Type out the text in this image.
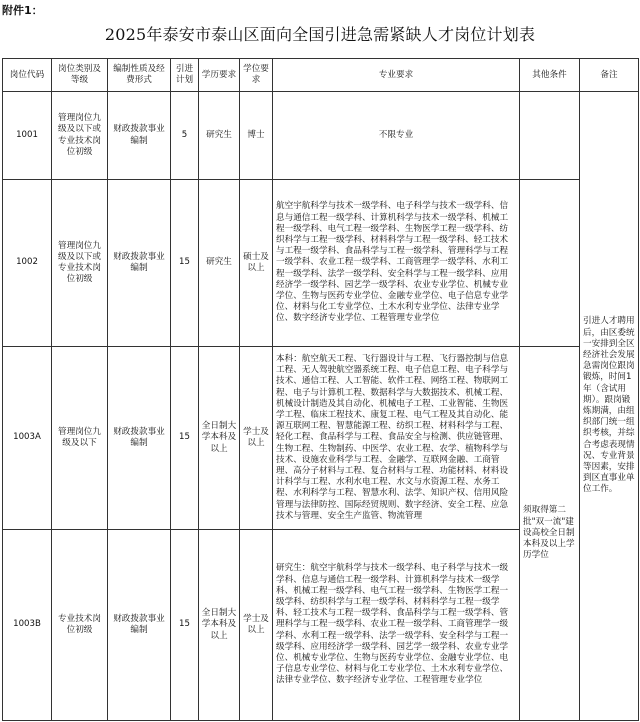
附件1：
2025年泰安市泰山区面向全国引进急需紧缺人才岗位计划表
岗位代码	岗位类别及等级	编制性质及经费形式	引进计划	学历要求	学位要求	专业要求	其他条件	备注
1001	管理岗位九级及以下或专业技术岗位初级	财政拨款事业编制	5	研究生	博士	不限专业		引进人才聘用后，由区委统一安排到全区经济社会发展急需岗位跟岗锻炼，时间1年（含试用期）。跟岗锻炼期满，由组织部门统一组织考核，并综合考虑表现情况、专业背景等因素，安排到区直事业单位工作。
1002	管理岗位九级及以下或专业技术岗位初级	财政拨款事业编制	15	研究生	硕士及以上	航空宇航科学与技术一级学科、电子科学与技术一级学科、信息与通信工程一级学科、计算机科学与技术一级学科、机械工程一级学科、电气工程一级学科、生物医学工程一级学科、纺织科学与工程一级学科、材料科学与工程一级学科、轻工技术与工程一级学科、食品科学与工程一级学科、管理科学与工程一级学科、农业工程一级学科、工商管理学一级学科、水利工程一级学科、法学一级学科、安全科学与工程一级学科、应用经济学一级学科、园艺学一级学科、农业专业学位、机械专业学位、生物与医药专业学位、金融专业学位、电子信息专业学位、材料与化工专业学位、土木水利专业学位、法律专业学位、数字经济专业学位、工程管理专业学位		
1003A	管理岗位九级及以下	财政拨款事业编制	15	全日制大学本科及以上	学士及以上	本科：航空航天工程、飞行器设计与工程、飞行器控制与信息工程、无人驾驶航空器系统工程、电子信息工程、电子科学与技术、通信工程、人工智能、软件工程、网络工程、物联网工程、电子与计算机工程、数据科学与大数据技术、机械工程、机械设计制造及其自动化、机械电子工程、工业智能、生物医学工程、临床工程技术、康复工程、电气工程及其自动化、能源互联网工程、智慧能源工程、纺织工程、材料科学与工程、轻化工程、食品科学与工程、食品安全与检测、供应链管理、生物工程、生物制药、中医学、农业工程、农学、植物科学与技术、设施农业科学与工程、金融学、互联网金融、工商管理、高分子材料与工程、复合材料与工程、功能材料、材料设计科学与工程、水利水电工程、水文与水资源工程、水务工程、水利科学与工程、智慧水利、法学、知识产权、信用风险管理与法律防控、国际经贸规则、数字经济、安全工程、应急技术与管理、安全生产监管、物流管理	须取得第二批"双一流"建设高校全日制本科及以上学历学位	
1003B	专业技术岗位初级	财政拨款事业编制	15	全日制大学本科及以上	学士及以上	研究生：航空宇航科学与技术一级学科、电子科学与技术一级学科、信息与通信工程一级学科、计算机科学与技术一级学科、机械工程一级学科、电气工程一级学科、生物医学工程一级学科、纺织科学与工程一级学科、材料科学与工程一级学科、轻工技术与工程一级学科、食品科学与工程一级学科、管理科学与工程一级学科、农业工程一级学科、工商管理学一级学科、水利工程一级学科、法学一级学科、安全科学与工程一级学科、应用经济学一级学科、园艺学一级学科、农业专业学位、机械专业学位、生物与医药专业学位、金融专业学位、电子信息专业学位、材料与化工专业学位、土木水利专业学位、法律专业学位、数字经济专业学位、工程管理专业学位		
